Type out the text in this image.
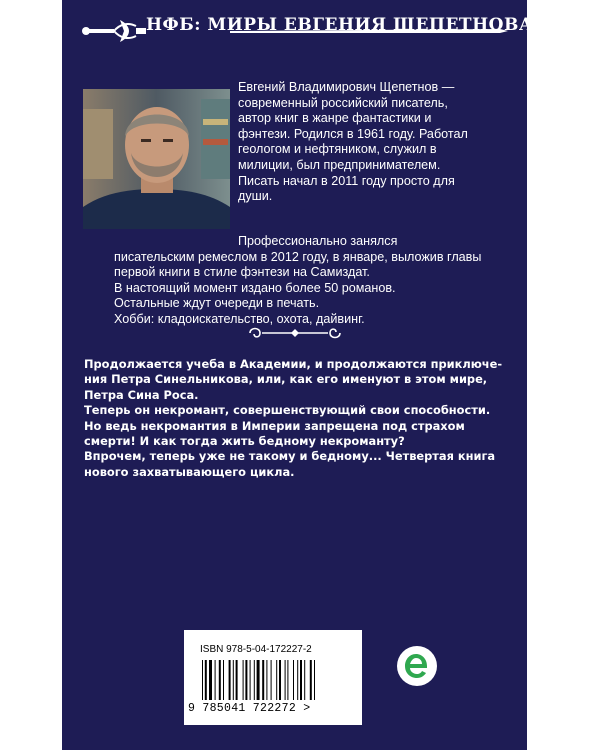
НФБ: МИРЫ ЕВГЕНИЯ ЩЕПЕТНОВА

Евгений Владимирович Щепетнов —

современный российский писатель,

автор книг в жанре фантастики и

фэнтези. Родился в 1961 году. Работал

геологом и нефтяником, служил в

милиции, был предпринимателем.

Писать начал в 2011 году просто для

души.

Профессионально занялся

писательским ремеслом в 2012 году, в январе, выложив главы

первой книги в стиле фэнтези на Самиздат.

В настоящий момент издано более 50 романов.

Остальные ждут очереди в печать.

Хобби: кладоискательство, охота, дайвинг.

Продолжается учеба в Академии, и продолжаются приключе-

ния Петра Синельникова, или, как его именуют в этом мире,

Петра Сина Роса.

Теперь он некромант, совершенствующий свои способности.

Но ведь некромантия в Империи запрещена под страхом

смерти! И как тогда жить бедному некроманту?

Впрочем, теперь уже не такому и бедному... Четвертая книга

нового захватывающего цикла.

ISBN 978-5-04-172227-2
9 785041 722272 >
